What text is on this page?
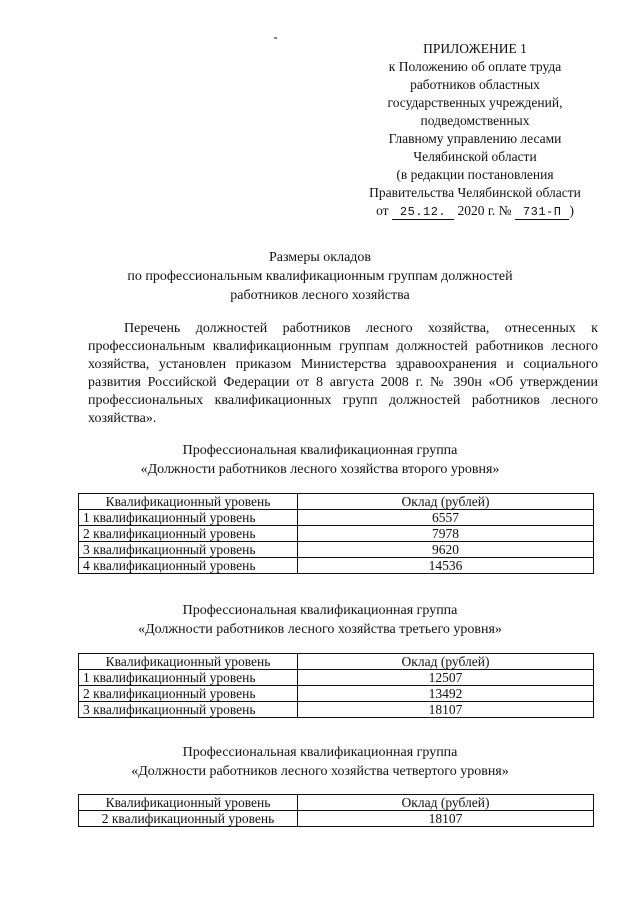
ПРИЛОЖЕНИЕ 1
к Положению об оплате труда
работников областных
государственных учреждений,
подведомственных
Главному управлению лесами
Челябинской области
(в редакции постановления
Правительства Челябинской области
от 25.12. 2020 г. № 731-П )
Размеры окладов
по профессиональным квалификационным группам должностей
работников лесного хозяйства
Перечень должностей работников лесного хозяйства, отнесенных к профессиональным квалификационным группам должностей работников лесного хозяйства, установлен приказом Министерства здравоохранения и социального развития Российской Федерации от 8 августа 2008 г. № 390н «Об утверждении профессиональных квалификационных групп должностей работников лесного хозяйства».
Профессиональная квалификационная группа
«Должности работников лесного хозяйства второго уровня»
Квалификационный уровень	Оклад (рублей)
1 квалификационный уровень	6557
2 квалификационный уровень	7978
3 квалификационный уровень	9620
4 квалификационный уровень	14536
Профессиональная квалификационная группа
«Должности работников лесного хозяйства третьего уровня»
Квалификационный уровень	Оклад (рублей)
1 квалификационный уровень	12507
2 квалификационный уровень	13492
3 квалификационный уровень	18107
Профессиональная квалификационная группа
«Должности работников лесного хозяйства четвертого уровня»
Квалификационный уровень	Оклад (рублей)
2 квалификационный уровень	18107
